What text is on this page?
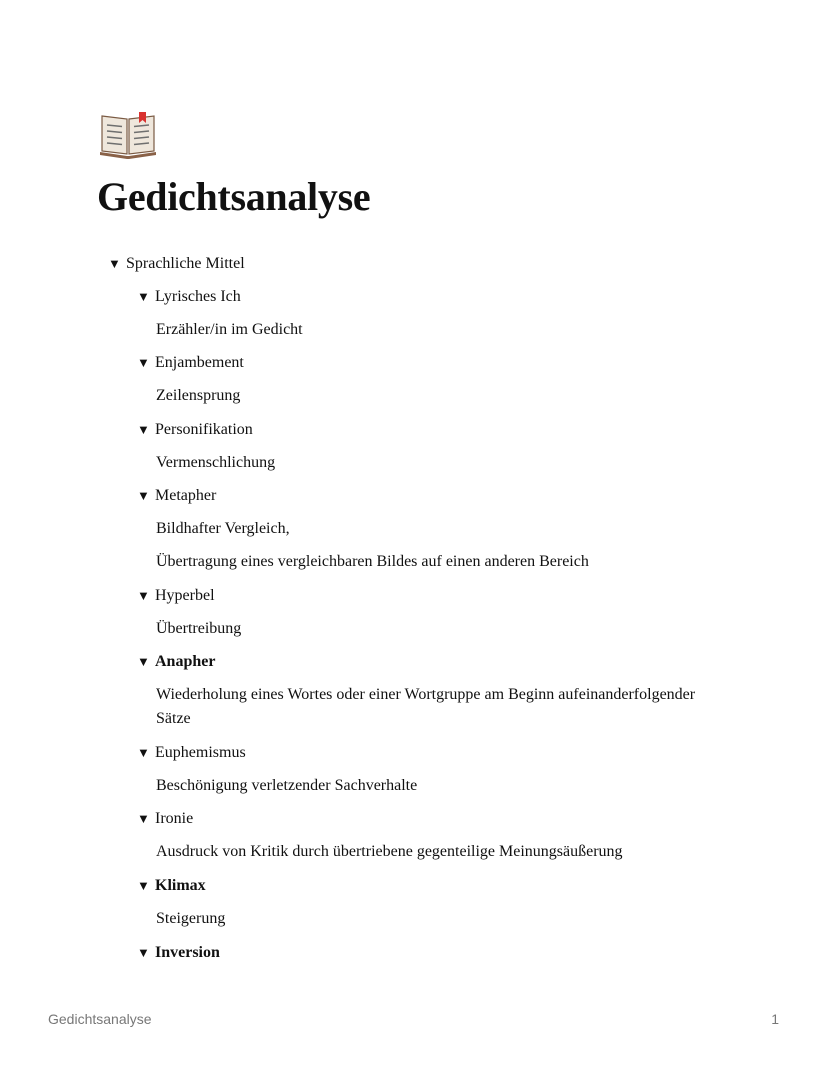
Gedichtsanalyse
▼ Sprachliche Mittel
▼ Lyrisches Ich
Erzähler/in im Gedicht
▼ Enjambement
Zeilensprung
▼ Personifikation
Vermenschlichung
▼ Metapher
Bildhafter Vergleich,
Übertragung eines vergleichbaren Bildes auf einen anderen Bereich
▼ Hyperbel
Übertreibung
▼ Anapher
Wiederholung eines Wortes oder einer Wortgruppe am Beginn aufeinanderfolgender
Sätze
▼ Euphemismus
Beschönigung verletzender Sachverhalte
▼ Ironie
Ausdruck von Kritik durch übertriebene gegenteilige Meinungsäußerung
▼ Klimax
Steigerung
▼ Inversion
Gedichtsanalyse	1
